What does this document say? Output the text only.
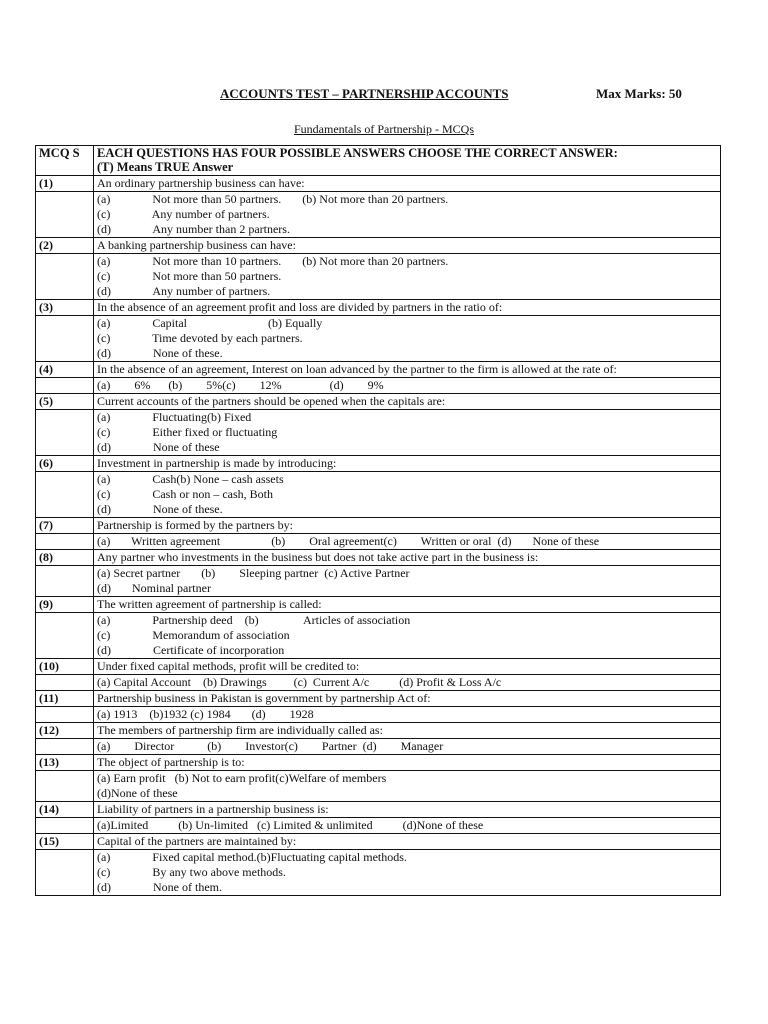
ACCOUNTS TEST – PARTNERSHIP ACCOUNTS	Max Marks: 50
Fundamentals of Partnership - MCQs
MCQ S	EACH QUESTIONS HAS FOUR POSSIBLE ANSWERS CHOOSE THE CORRECT ANSWER:
(T) Means TRUE Answer

(1)	An ordinary partnership business can have:

	(a)              Not more than 50 partners.       (b) Not more than 20 partners.
(c)              Any number of partners.
(d)              Any number than 2 partners.

(2)	A banking partnership business can have:

	(a)              Not more than 10 partners.       (b) Not more than 20 partners.
(c)              Not more than 50 partners.
(d)              Any number of partners.

(3)	In the absence of an agreement profit and loss are divided by partners in the ratio of:

	(a)              Capital                           (b) Equally
(c)              Time devoted by each partners.
(d)              None of these.

(4)	In the absence of an agreement, Interest on loan advanced by the partner to the firm is allowed at the rate of:

	(a)        6%      (b)        5%(c)        12%                (d)        9%

(5)	Current accounts of the partners should be opened when the capitals are:

	(a)              Fluctuating(b) Fixed
(c)              Either fixed or fluctuating
(d)              None of these

(6)	Investment in partnership is made by introducing:

	(a)              Cash(b) None – cash assets
(c)              Cash or non – cash, Both
(d)              None of these.

(7)	Partnership is formed by the partners by:

	(a)       Written agreement                 (b)        Oral agreement(c)        Written or oral  (d)       None of these

(8)	Any partner who investments in the business but does not take active part in the business is:

	(a) Secret partner       (b)        Sleeping partner  (c) Active Partner
(d)       Nominal partner

(9)	The written agreement of partnership is called:

	(a)              Partnership deed    (b)               Articles of association
(c)              Memorandum of association
(d)              Certificate of incorporation

(10)	Under fixed capital methods, profit will be credited to:

	(a) Capital Account    (b) Drawings         (c)  Current A/c          (d) Profit & Loss A/c

(11)	Partnership business in Pakistan is government by partnership Act of:

	(a) 1913    (b)1932 (c) 1984       (d)        1928

(12)	The members of partnership firm are individually called as:

	(a)        Director           (b)        Investor(c)        Partner  (d)        Manager

(13)	The object of partnership is to:

	(a) Earn profit   (b) Not to earn profit(c)Welfare of members
(d)None of these

(14)	Liability of partners in a partnership business is:

	(a)Limited          (b) Un-limited   (c) Limited & unlimited          (d)None of these

(15)	Capital of the partners are maintained by:

	(a)              Fixed capital method.(b)Fluctuating capital methods.
(c)              By any two above methods.
(d)              None of them.
